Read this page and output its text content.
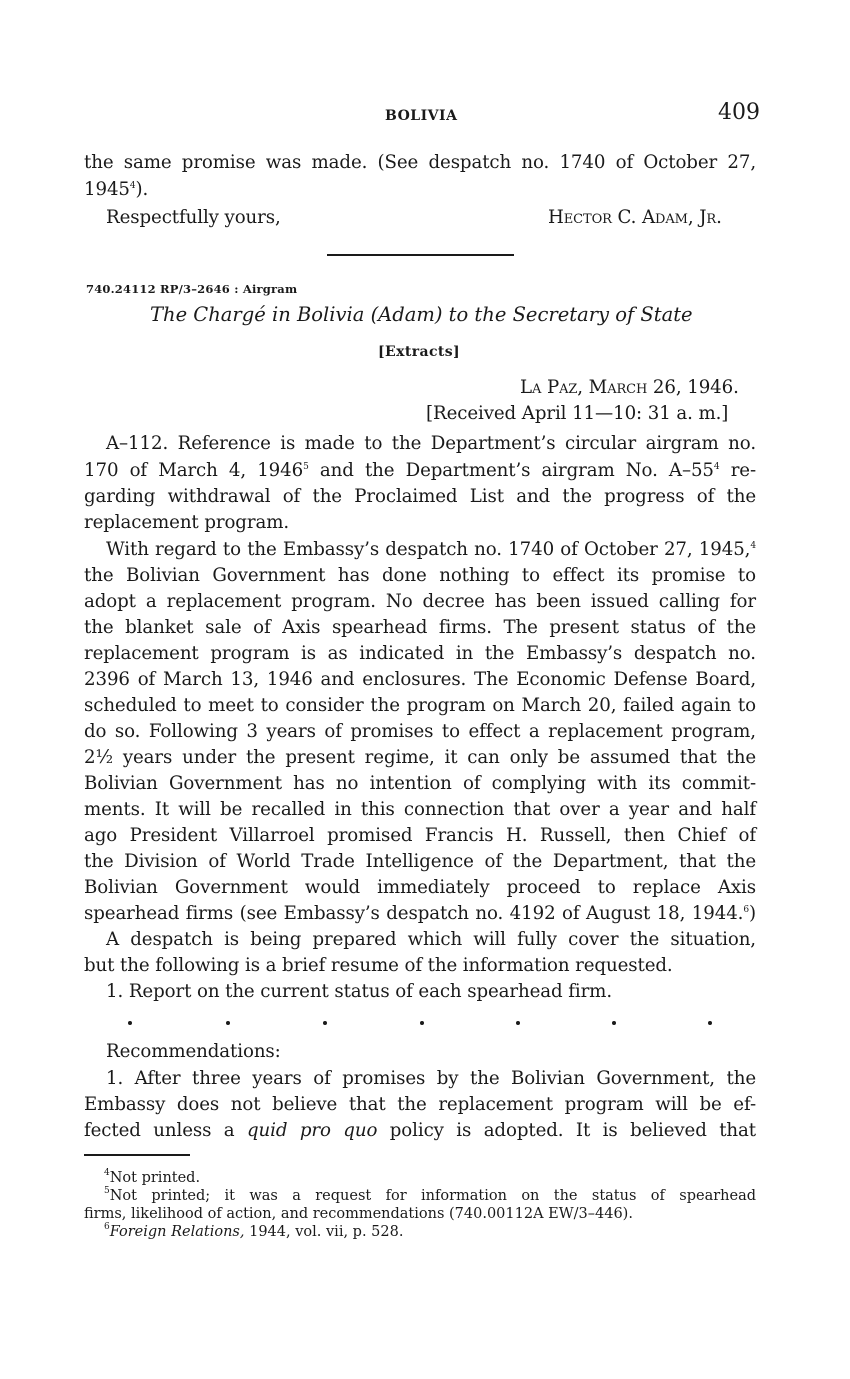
BOLIVIA	409
the same promise was made. (See despatch no. 1740 of October 27,
1945$^4$).
Respectfully yours,	Hector C. Adam, Jr.
740.24112 RP/3–2646 : Airgram
The Chargé in Bolivia (Adam) to the Secretary of State
[Extracts]
La Paz, March 26, 1946.
[Received April 11—10: 31 a. m.]
A–112. Reference is made to the Department’s circular airgram no.
170 of March 4, 1946$^5$ and the Department’s airgram No. $A-55^4$ re-
garding withdrawal of the Proclaimed List and the progress of the
replacement program.
With regard to the Embassy’s despatch no. 1740 of October 27, 1945,$^4$
the Bolivian Government has done nothing to effect its promise to
adopt a replacement program. No decree has been issued calling for
the blanket sale of Axis spearhead firms. The present status of the
replacement program is as indicated in the Embassy’s despatch no.
2396 of March 13, 1946 and enclosures. The Economic Defense Board,
scheduled to meet to consider the program on March 20, failed again to
do so. Following 3 years of promises to effect a replacement program,
2½ years under the present regime, it can only be assumed that the
Bolivian Government has no intention of complying with its commit-
ments. It will be recalled in this connection that over a year and half
ago President Villarroel promised Francis H. Russell, then Chief of
the Division of World Trade Intelligence of the Department, that the
Bolivian Government would immediately proceed to replace Axis
spearhead firms (see Embassy’s despatch no. 4192 of August 18, 1944.$^6$)
A despatch is being prepared which will fully cover the situation,
but the following is a brief resume of the information requested.
1. Report on the current status of each spearhead firm.
Recommendations:
1. After three years of promises by the Bolivian Government, the
Embassy does not believe that the replacement program will be ef-
fected unless a quid pro quo policy is adopted. It is believed that
$^4$Not printed.
$^5$Not printed; it was a request for information on the status of spearhead
firms, likelihood of action, and recommendations (740.00112A EW/3–446).
$^6$Foreign Relations, 1944, vol. vii, p. 528.
